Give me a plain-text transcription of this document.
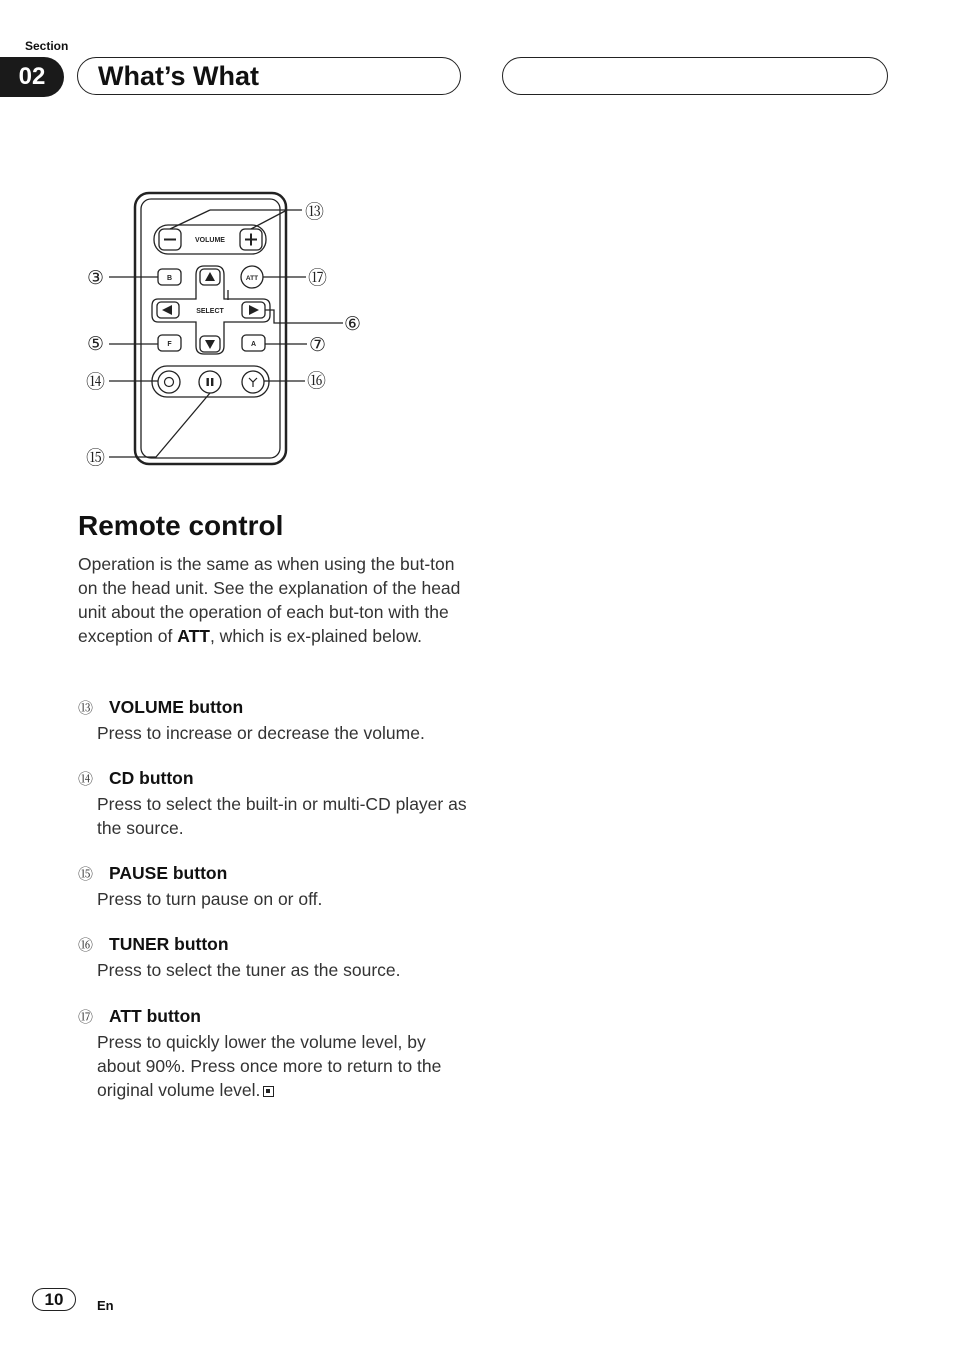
Section
02	What’s What
VOLUME
SELECT
B
F	A
ATT
⑬
③	⑰
⑥
⑤	⑦
⑭	⑯
⑮
Remote control

Operation is the same as when using the but-ton on the head unit. See the explanation of the head unit about the operation of each but-ton with the exception of ATT, which is ex-plained below.

⑬ VOLUME button
Press to increase or decrease the volume.
⑭ CD button
Press to select the built-in or multi-CD player as the source.
⑮ PAUSE button
Press to turn pause on or off.
⑯ TUNER button
Press to select the tuner as the source.
⑰ ATT button
Press to quickly lower the volume level, by about 90%. Press once more to return to the original volume level.
10	En
